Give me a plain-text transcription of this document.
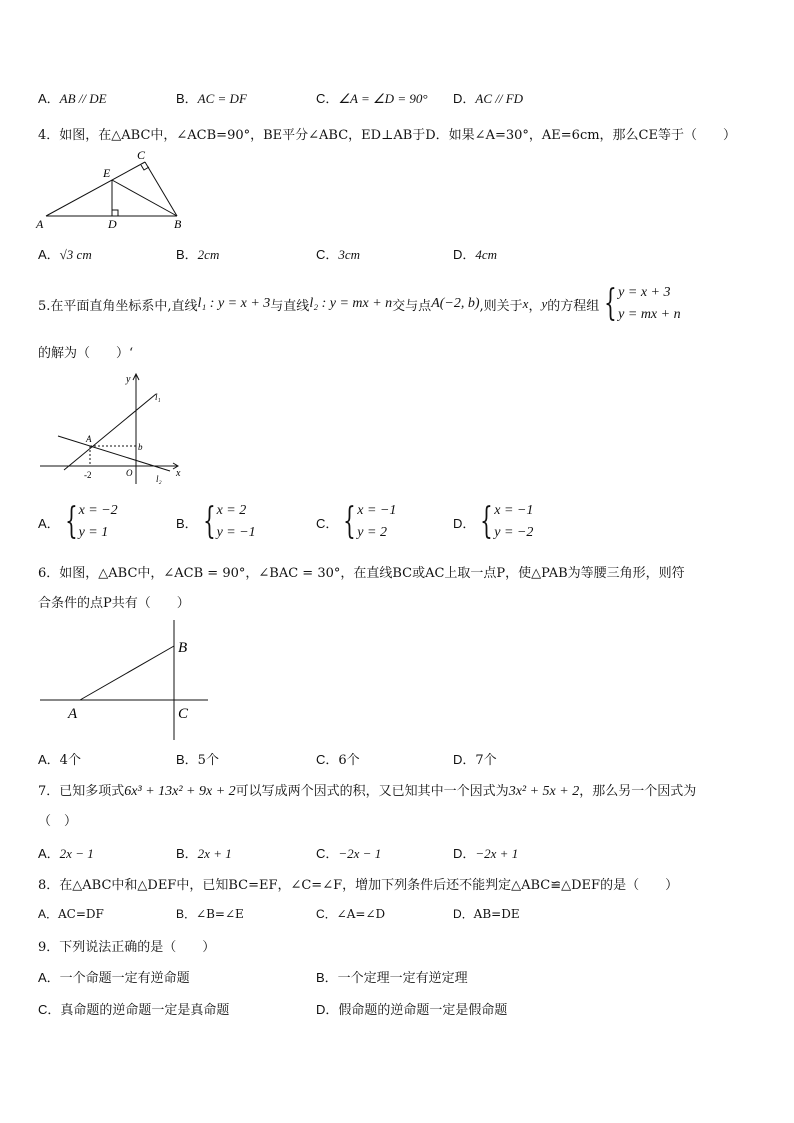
A．AB // DE	B．AC = DF	C．∠A = ∠D = 90° D．AC // FD
4．如图，在△ABC中，∠ACB=90°，BE平分∠ABC，ED⊥AB于D．如果∠A=30°，AE=6cm，那么CE等于（　　）
A	B
C
D
E
A．√3 cm	B．2cm	C．3cm	D．4cm
5.在平面直角坐标系中,直线 l₁ : y = x + 3 与直线 l₂ : y = mx + n 交与点 A(−2, b) ,则关于 x ， y 的方程组 { y = x + 3
y = mx + n
的解为（　　）‘
y
x
l₁
l₂
A
b
-2	O
A． { x = −2
y = 1
B． { x = 2
y = −1
C． { x = −1
y = 2
D． { x = −1
y = −2
6．如图，△ABC中，∠ACB = 90°，∠BAC = 30°，在直线BC或AC上取一点P，使△PAB为等腰三角形，则符
合条件的点P共有（　　）
B
A	C
A．4个	B．5个	C．6个	D．7个
7．已知多项式6x³ + 13x² + 9x + 2可以写成两个因式的积，又已知其中一个因式为3x² + 5x + 2，那么另一个因式为
（　）
A．2x − 1	B．2x + 1	C．−2x − 1	D．−2x + 1
8．在△ABC中和△DEF中，已知BC=EF，∠C=∠F，增加下列条件后还不能判定△ABC≌△DEF的是（　　）
A．AC=DF	B．∠B=∠E	C．∠A=∠D	D．AB=DE
9．下列说法正确的是（　　）
A．一个命题一定有逆命题	B．一个定理一定有逆定理
C．真命题的逆命题一定是真命题	D．假命题的逆命题一定是假命题
